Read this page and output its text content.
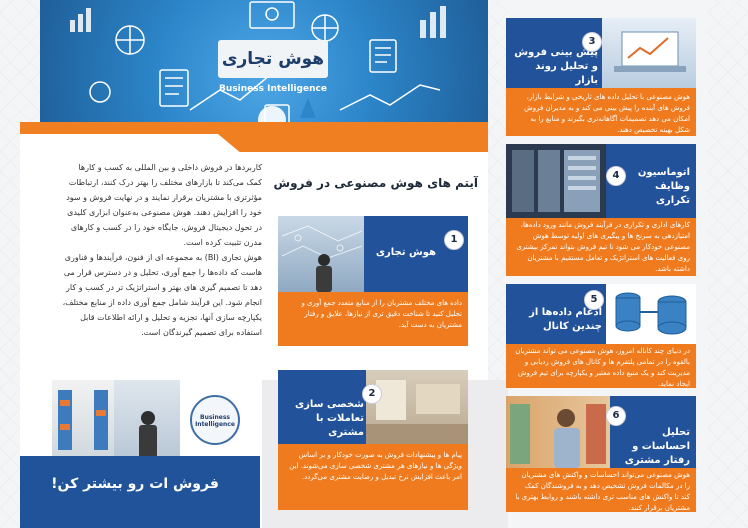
هوش تجاری
Business Intelligence
کاربردها در فروش داخلی و بین المللی به کسب و کارها کمک می‌کند تا بازارهای مختلف را بهتر درک کنند، ارتباطات مؤثرتری با مشتریان برقرار نمایند و در نهایت فروش و سود خود را افزایش دهند. هوش مصنوعی به‌عنوان ابزاری کلیدی در تحول دیجیتال فروش، جایگاه خود را در کسب و کارهای مدرن تثبیت کرده است.
هوش تجاری (BI) به مجموعه ای از فنون، فرآیندها و فناوری هاست که داده‌ها را جمع آوری، تحلیل و در دسترس قرار می دهد تا تصمیم گیری های بهتر و استراتژیک تر در کسب و کار انجام شود. این فرآیند شامل جمع آوری داده از منابع مختلف، یکپارچه سازی آنها، تجزیه و تحلیل و ارائه اطلاعات قابل استفاده برای تصمیم گیرندگان است.
آیتم های هوش مصنوعی در فروش
1
هوش تجاری
داده های مختلف مشتریان را از منابع متعدد جمع آوری و تحلیل کنید تا شناخت دقیق تری از نیازها، علایق و رفتار مشتریان به دست آید.
2
شخصی سازی تعاملات با مشتری
پیام ها و پیشنهادات فروش به صورت خودکار و بر اساس ویژگی ها و نیازهای هر مشتری شخصی سازی می‌شوند. این امر باعث افزایش نرخ تبدیل و رضایت مشتری می‌گردد.
3
پیش بینی فروش و تحلیل روند بازار
هوش مصنوعی با تحلیل داده های تاریخی و شرایط بازار، فروش های آینده را پیش بینی می کند و به مدیران فروش امکان می دهد تصمیمات آگاهانه‌تری بگیرند و منابع را به شکل بهینه تخصیص دهند.
4	اتوماسیون وظایف تکراری
کارهای اداری و تکراری در فرآیند فروش مانند ورود داده‌ها، امتیازدهی به سرنخ ها و پیگیری های اولیه توسط هوش مصنوعی خودکار می شود تا تیم فروش بتواند تمرکز بیشتری روی فعالیت های استراتژیک و تعامل مستقیم با مشتریان داشته باشد.
5
ادغام داده‌ها از چندین کانال
در دنیای چند کاناله امروز، هوش مصنوعی می تواند مشتریان بالقوه را در تمامی پلتفرم ها و کانال های فروش ردیابی و مدیریت کند و یک منبع داده معتبر و یکپارچه برای تیم فروش ایجاد نماید.
6
تحلیل احساسات و رفتار مشتری
هوش مصنوعی می‌تواند احساسات و واکنش های مشتریان را در مکالمات فروش تشخیص دهد و به فروشندگان کمک کند تا واکنش های مناسب تری داشته باشند و روابط بهتری با مشتریان برقرار کنند.
Business Intelligence
فروش ات رو بیشتر کن!
